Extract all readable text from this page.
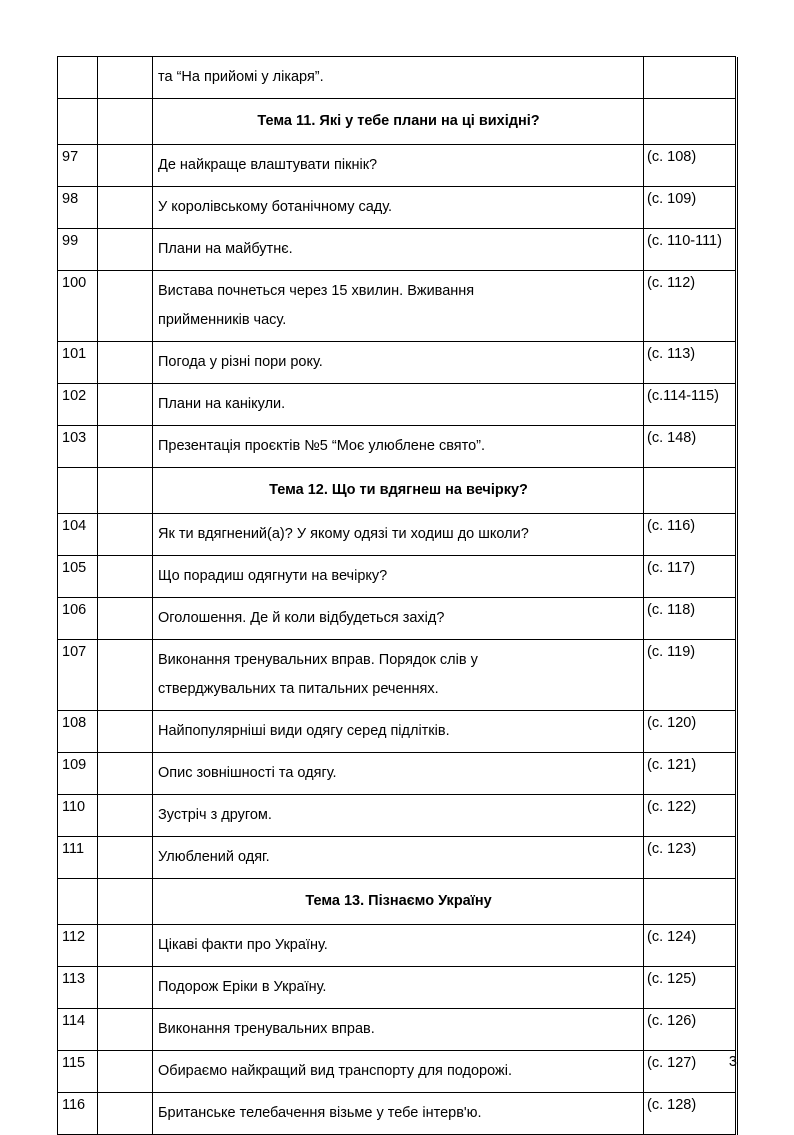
		та “На прийомі у лікаря”.		

		Тема 11. Які у тебе плани на ці вихідні?		

97		Де найкраще влаштувати пікнік?	(с. 108)	
98		У королівському ботанічному саду.	(с. 109)	
99		Плани на майбутнє.	(с. 110-111)	
100		Вистава почнеться через 15 хвилин. Вживання
прийменників часу.	(с. 112)	
101		Погода у різні пори року.	(с. 113)	
102		Плани на канікули.	(с.114-115)	
103		Презентація проєктів №5 “Моє улюблене свято”.	(с. 148)	

		Тема 12. Що ти вдягнеш на вечірку?		

104		Як ти вдягнений(а)? У якому одязі ти ходиш до школи?	(с. 116)	
105		Що порадиш одягнути на вечірку?	(с. 117)	
106		Оголошення. Де й коли відбудеться захід?	(с. 118)	
107		Виконання тренувальних вправ. Порядок слів у
стверджувальних та питальних реченнях.	(с. 119)	
108		Найпопулярніші види одягу серед підлітків.	(с. 120)	
109		Опис зовнішності та одягу.	(с. 121)	
110		Зустріч з другом.	(с. 122)	
111		Улюблений одяг.	(с. 123)	

		Тема 13. Пізнаємо Україну		

112		Цікаві факти про Україну.	(с. 124)	
113		Подорож Еріки в Україну.	(с. 125)	
114		Виконання тренувальних вправ.	(с. 126)	
115		Обираємо найкращий вид транспорту для подорожі.	(с. 127)	
116		Британське телебачення візьме у тебе інтерв'ю.	(с. 128)	
3
